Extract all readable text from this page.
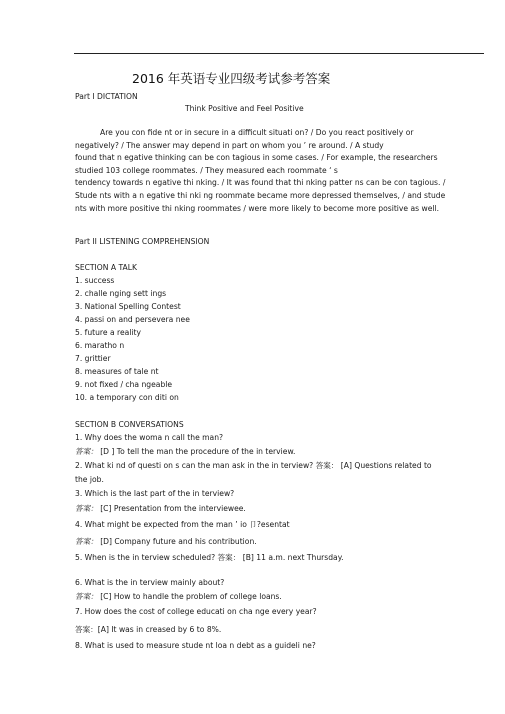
2016 年英语专业四级考试参考答案
Part I DICTATION
Think Positive and Feel Positive
Are you con fide nt or in secure in a difficult situati on? / Do you react positively or
negatively? / The answer may depend in part on whom you ’ re around. / A study
found that n egative thinking can be con tagious in some cases. / For example, the researchers
studied 103 college roommates. / They measured each roommate ‘ s
tendency towards n egative thi nking. / It was found that thi nking patter ns can be con tagious. /
Stude nts with a n egative thi nki ng roommate became more depressed themselves, / and stude
nts with more positive thi nking roommates / were more likely to become more positive as well.
Part II LISTENING COMPREHENSION
SECTION A TALK
1. success
2. challe nging sett ings
3. National Spelling Contest
4. passi on and persevera nee
5. future a reality
6. maratho n
7. grittier
8. measures of tale nt
9. not fixed / cha ngeable
10. a temporary con diti on
SECTION B CONVERSATIONS
1. Why does the woma n call the man?
答案： [D ] To tell the man the procedure of the in terview.
2. What ki nd of questi on s can the man ask in the in terview? 答案： [A] Questions related to
the job.
3. Which is the last part of the in terview?
答案： [C] Presentation from the interviewee.
4. What might be expected from the man ’ io 卩?esentat
答案： [D] Company future and his contribution.
5. When is the in terview scheduled? 答案： [B] 11 a.m. next Thursday.
6. What is the in terview mainly about?
答案： [C] How to handle the problem of college loans.
7. How does the cost of college educati on cha nge every year?
答案：[A] It was in creased by 6 to 8%.
8. What is used to measure stude nt loa n debt as a guideli ne?
